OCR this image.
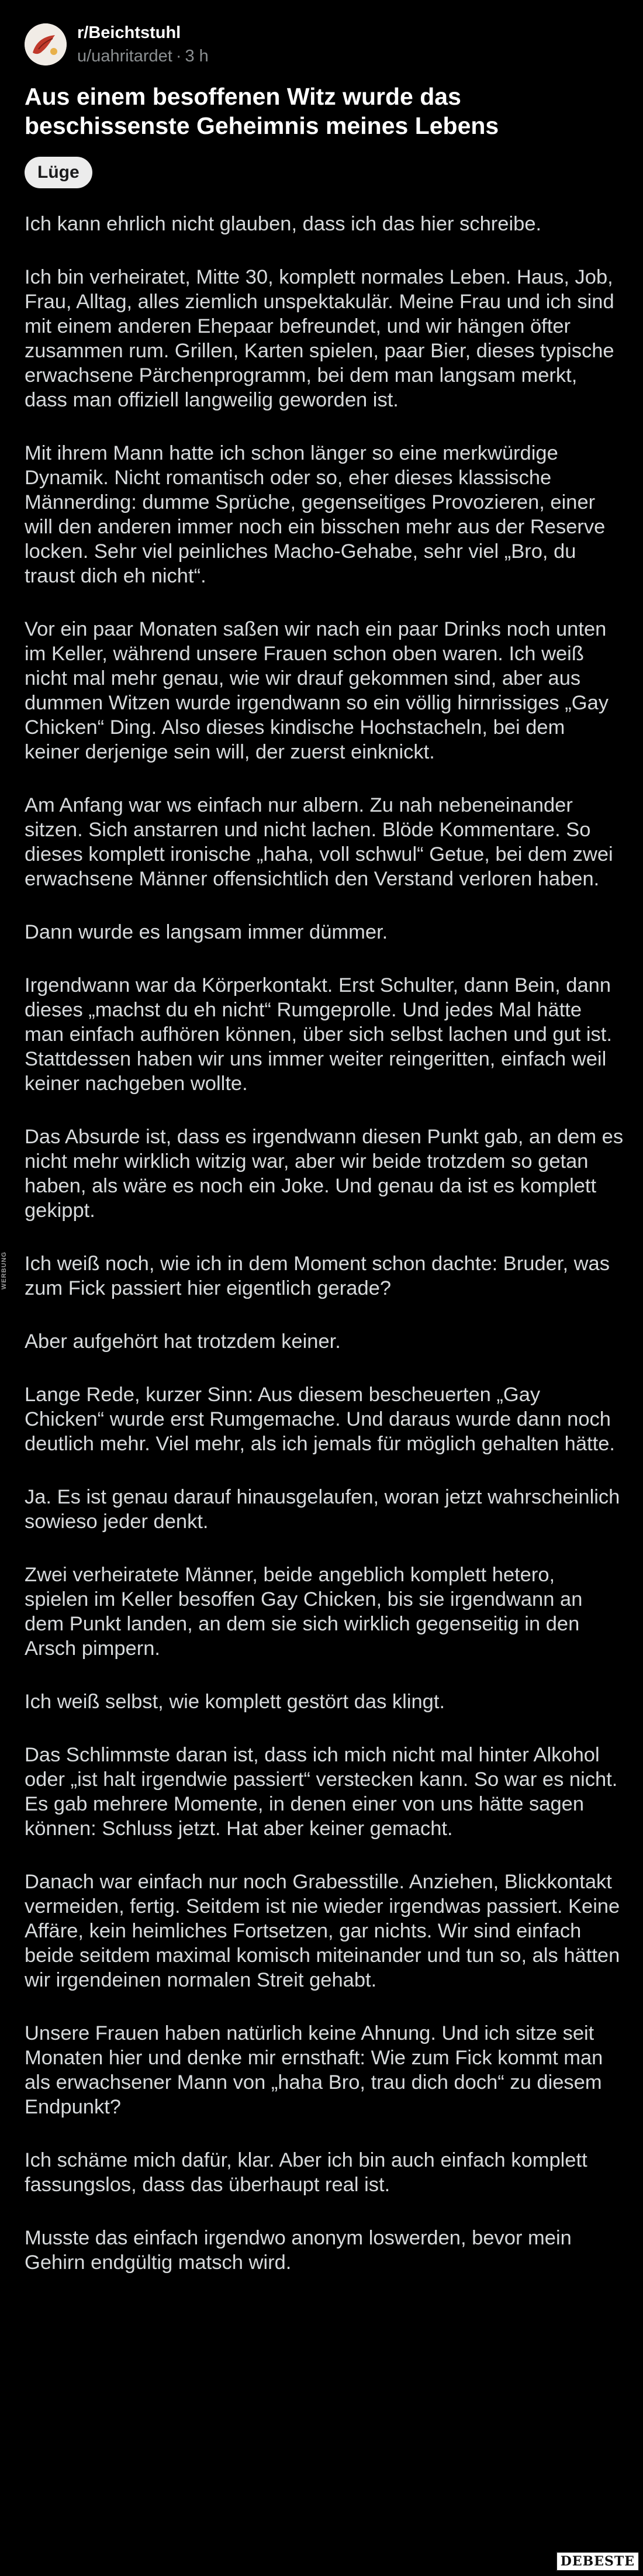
r/Beichtstuhl
u/uahritardet · 3 h
Aus einem besoffenen Witz wurde das beschissenste Geheimnis meines Lebens
Lüge

Ich kann ehrlich nicht glauben, dass ich das hier schreibe.

Ich bin verheiratet, Mitte 30, komplett normales Leben. Haus, Job, Frau, Alltag, alles ziemlich unspektakulär. Meine Frau und ich sind mit einem anderen Ehepaar befreundet, und wir hängen öfter zusammen rum. Grillen, Karten spielen, paar Bier, dieses typische erwachsene Pärchenprogramm, bei dem man langsam merkt, dass man offiziell langweilig geworden ist.

Mit ihrem Mann hatte ich schon länger so eine merkwürdige Dynamik. Nicht romantisch oder so, eher dieses klassische Männerding: dumme Sprüche, gegenseitiges Provozieren, einer will den anderen immer noch ein bisschen mehr aus der Reserve locken. Sehr viel peinliches Macho-Gehabe, sehr viel „Bro, du traust dich eh nicht“.

Vor ein paar Monaten saßen wir nach ein paar Drinks noch unten im Keller, während unsere Frauen schon oben waren. Ich weiß nicht mal mehr genau, wie wir drauf gekommen sind, aber aus dummen Witzen wurde irgendwann so ein völlig hirnrissiges „Gay Chicken“ Ding. Also dieses kindische Hochstacheln, bei dem keiner derjenige sein will, der zuerst einknickt.

Am Anfang war ws einfach nur albern. Zu nah nebeneinander sitzen. Sich anstarren und nicht lachen. Blöde Kommentare. So dieses komplett ironische „haha, voll schwul“ Getue, bei dem zwei erwachsene Männer offensichtlich den Verstand verloren haben.

Dann wurde es langsam immer dümmer.

Irgendwann war da Körperkontakt. Erst Schulter, dann Bein, dann dieses „machst du eh nicht“ Rumgeprolle. Und jedes Mal hätte man einfach aufhören können, über sich selbst lachen und gut ist. Stattdessen haben wir uns immer weiter reingeritten, einfach weil keiner nachgeben wollte.

Das Absurde ist, dass es irgendwann diesen Punkt gab, an dem es nicht mehr wirklich witzig war, aber wir beide trotzdem so getan haben, als wäre es noch ein Joke. Und genau da ist es komplett gekippt.

Ich weiß noch, wie ich in dem Moment schon dachte: Bruder, was zum Fick passiert hier eigentlich gerade?

Aber aufgehört hat trotzdem keiner.

Lange Rede, kurzer Sinn: Aus diesem bescheuerten „Gay Chicken“ wurde erst Rumgemache. Und daraus wurde dann noch deutlich mehr. Viel mehr, als ich jemals für möglich gehalten hätte.

Ja. Es ist genau darauf hinausgelaufen, woran jetzt wahrscheinlich sowieso jeder denkt.

Zwei verheiratete Männer, beide angeblich komplett hetero, spielen im Keller besoffen Gay Chicken, bis sie irgendwann an dem Punkt landen, an dem sie sich wirklich gegenseitig in den Arsch pimpern.

Ich weiß selbst, wie komplett gestört das klingt.

Das Schlimmste daran ist, dass ich mich nicht mal hinter Alkohol oder „ist halt irgendwie passiert“ verstecken kann. So war es nicht. Es gab mehrere Momente, in denen einer von uns hätte sagen können: Schluss jetzt. Hat aber keiner gemacht.

Danach war einfach nur noch Grabesstille. Anziehen, Blickkontakt vermeiden, fertig. Seitdem ist nie wieder irgendwas passiert. Keine Affäre, kein heimliches Fortsetzen, gar nichts. Wir sind einfach beide seitdem maximal komisch miteinander und tun so, als hätten wir irgendeinen normalen Streit gehabt.

Unsere Frauen haben natürlich keine Ahnung. Und ich sitze seit Monaten hier und denke mir ernsthaft: Wie zum Fick kommt man als erwachsener Mann von „haha Bro, trau dich doch“ zu diesem Endpunkt?

Ich schäme mich dafür, klar. Aber ich bin auch einfach komplett fassungslos, dass das überhaupt real ist.

Musste das einfach irgendwo anonym loswerden, bevor mein Gehirn endgültig matsch wird.

WERBUNG
DEBESTE
